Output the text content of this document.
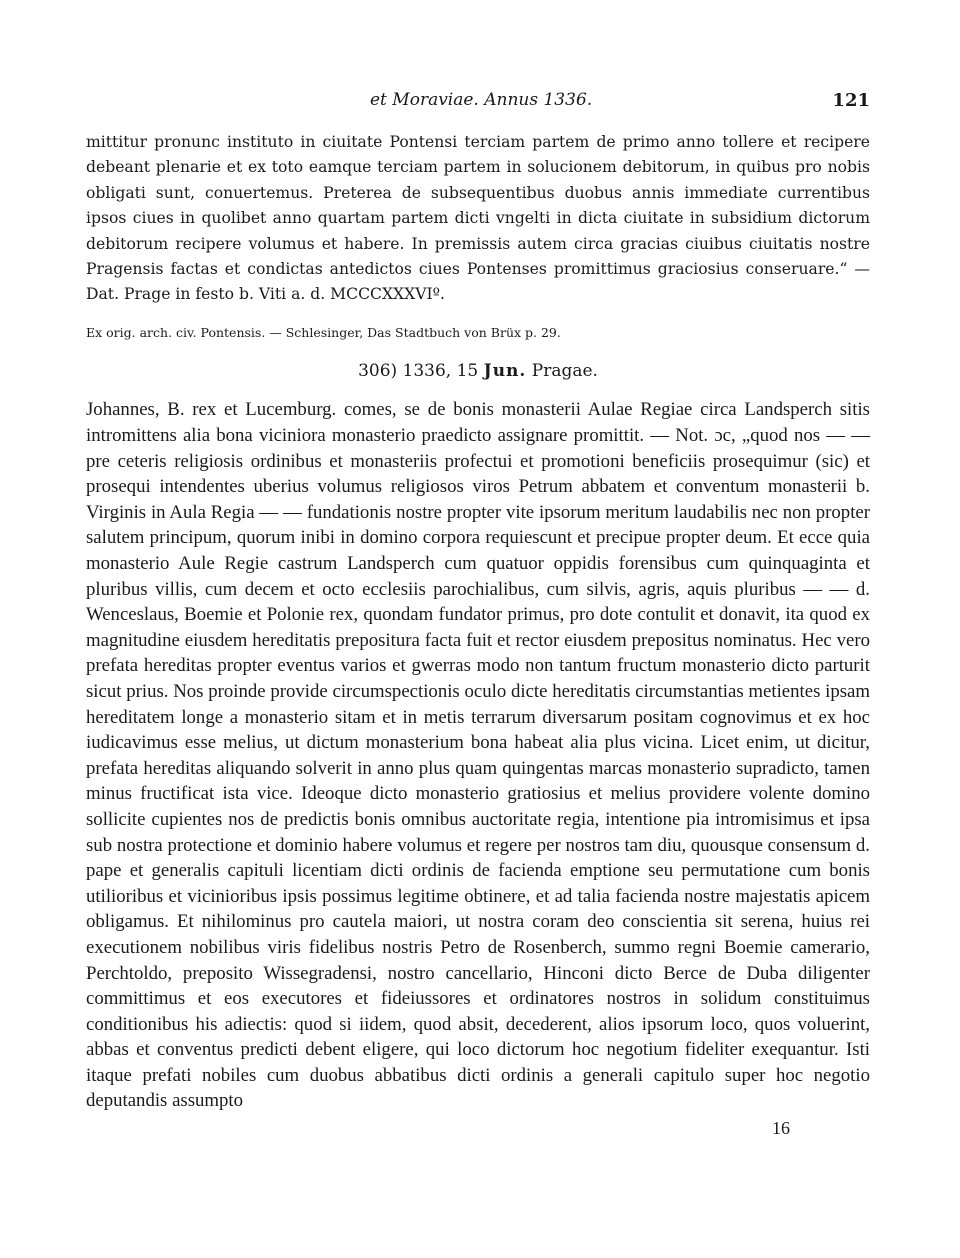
et Moraviae. Annus 1336.	121

mittitur pronunc instituto in ciuitate Pontensi terciam partem de primo anno tollere et recipere debeant plenarie et ex toto eamque terciam partem in solucionem debitorum, in quibus pro nobis obligati sunt, conuertemus. Preterea de subsequentibus duobus annis immediate currentibus ipsos ciues in quolibet anno quartam partem dicti vngelti in dicta ciuitate in subsidium dictorum debitorum recipere volumus et habere. In premissis autem circa gracias ciuibus ciuitatis nostre Pragensis factas et condictas antedictos ciues Pontenses promittimus graciosius conseruare.“ — Dat. Prage in festo b. Viti a. d. MCCCXXXVIº.

Ex orig. arch. civ. Pontensis. — Schlesinger, Das Stadtbuch von Brüx p. 29.
306) 1336, 15 Jun. Pragae.

Johannes, B. rex et Lucemburg. comes, se de bonis monasterii Aulae Regiae circa Landsperch sitis intromittens alia bona viciniora monasterio praedicto assignare promittit. — Not. ɔc, „quod nos — — pre ceteris religiosis ordinibus et monasteriis profectui et promotioni beneficiis prosequimur (sic) et prosequi intendentes uberius volumus religiosos viros Petrum abbatem et conventum monasterii b. Virginis in Aula Regia — — fundationis nostre propter vite ipsorum meritum laudabilis nec non propter salutem principum, quorum inibi in domino corpora requiescunt et precipue propter deum. Et ecce quia monasterio Aule Regie castrum Landsperch cum quatuor oppidis forensibus cum quinquaginta et pluribus villis, cum decem et octo ecclesiis parochialibus, cum silvis, agris, aquis pluribus — — d. Wenceslaus, Boemie et Polonie rex, quondam fundator primus, pro dote contulit et donavit, ita quod ex magnitudine eiusdem hereditatis prepositura facta fuit et rector eiusdem prepositus nominatus. Hec vero prefata hereditas propter eventus varios et gwerras modo non tantum fructum monasterio dicto parturit sicut prius. Nos proinde provide circumspectionis oculo dicte hereditatis circumstantias metientes ipsam hereditatem longe a monasterio sitam et in metis terrarum diversarum positam cognovimus et ex hoc iudicavimus esse melius, ut dictum monasterium bona habeat alia plus vicina. Licet enim, ut dicitur, prefata hereditas aliquando solverit in anno plus quam quingentas marcas monasterio supradicto, tamen minus fructificat ista vice. Ideoque dicto monasterio gratiosius et melius providere volente domino sollicite cupientes nos de predictis bonis omnibus auctoritate regia, intentione pia intromisimus et ipsa sub nostra protectione et dominio habere volumus et regere per nostros tam diu, quousque consensum d. pape et generalis capituli licentiam dicti ordinis de facienda emptione seu permutatione cum bonis utilioribus et vicinioribus ipsis possimus legitime obtinere, et ad talia facienda nostre majestatis apicem obligamus. Et nihilominus pro cautela maiori, ut nostra coram deo conscientia sit serena, huius rei executionem nobilibus viris fidelibus nostris Petro de Rosenberch, summo regni Boemie camerario, Perchtoldo, preposito Wissegradensi, nostro cancellario, Hinconi dicto Berce de Duba diligenter committimus et eos executores et fideiussores et ordinatores nostros in solidum constituimus conditionibus his adiectis: quod si iidem, quod absit, decederent, alios ipsorum loco, quos voluerint, abbas et conventus predicti debent eligere, qui loco dictorum hoc negotium fideliter exequantur. Isti itaque prefati nobiles cum duobus abbatibus dicti ordinis a generali capitulo super hoc negotio deputandis assumpto

16
